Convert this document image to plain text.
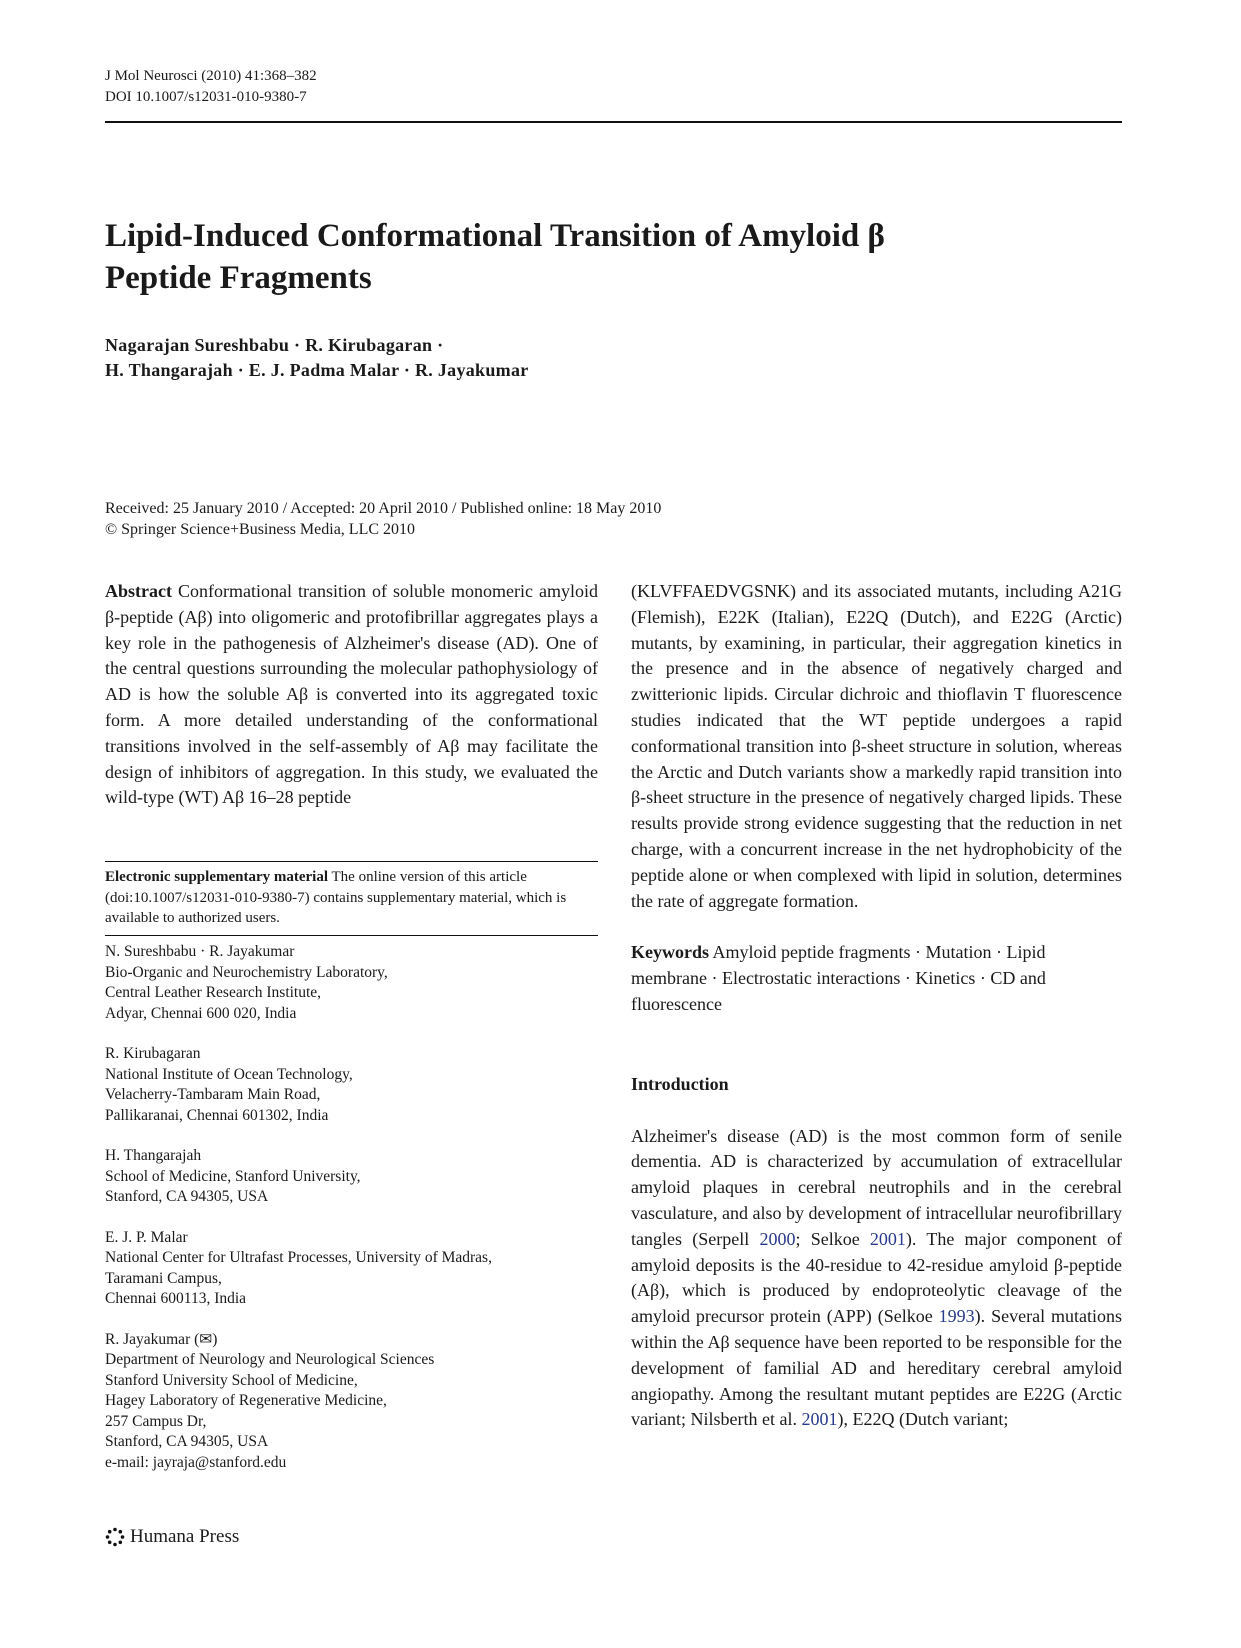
J Mol Neurosci (2010) 41:368–382
DOI 10.1007/s12031-010-9380-7
Lipid-Induced Conformational Transition of Amyloid β
Peptide Fragments
Nagarajan Sureshbabu · R. Kirubagaran ·
H. Thangarajah · E. J. Padma Malar · R. Jayakumar
Received: 25 January 2010 / Accepted: 20 April 2010 / Published online: 18 May 2010
© Springer Science+Business Media, LLC 2010

Abstract Conformational transition of soluble monomeric amyloid β-peptide (Aβ) into oligomeric and protofibrillar aggregates plays a key role in the pathogenesis of Alzheimer's disease (AD). One of the central questions surrounding the molecular pathophysiology of AD is how the soluble Aβ is converted into its aggregated toxic form. A more detailed understanding of the conformational transitions involved in the self-assembly of Aβ may facilitate the design of inhibitors of aggregation. In this study, we evaluated the wild-type (WT) Aβ 16–28 peptide

Electronic supplementary material The online version of this article (doi:10.1007/s12031-010-9380-7) contains supplementary material, which is available to authorized users.
N. Sureshbabu · R. Jayakumar
Bio-Organic and Neurochemistry Laboratory,
Central Leather Research Institute,
Adyar, Chennai 600 020, India
R. Kirubagaran
National Institute of Ocean Technology,
Velacherry-Tambaram Main Road,
Pallikaranai, Chennai 601302, India
H. Thangarajah
School of Medicine, Stanford University,
Stanford, CA 94305, USA
E. J. P. Malar
National Center for Ultrafast Processes, University of Madras,
Taramani Campus,
Chennai 600113, India
R. Jayakumar (✉)
Department of Neurology and Neurological Sciences
Stanford University School of Medicine,
Hagey Laboratory of Regenerative Medicine,
257 Campus Dr,
Stanford, CA 94305, USA
e-mail: jayraja@stanford.edu

(KLVFFAEDVGSNK) and its associated mutants, including A21G (Flemish), E22K (Italian), E22Q (Dutch), and E22G (Arctic) mutants, by examining, in particular, their aggregation kinetics in the presence and in the absence of negatively charged and zwitterionic lipids. Circular dichroic and thioflavin T fluorescence studies indicated that the WT peptide undergoes a rapid conformational transition into β-sheet structure in solution, whereas the Arctic and Dutch variants show a markedly rapid transition into β-sheet structure in the presence of negatively charged lipids. These results provide strong evidence suggesting that the reduction in net charge, with a concurrent increase in the net hydrophobicity of the peptide alone or when complexed with lipid in solution, determines the rate of aggregate formation.

Keywords Amyloid peptide fragments · Mutation · Lipid membrane · Electrostatic interactions · Kinetics · CD and fluorescence

Introduction

Alzheimer's disease (AD) is the most common form of senile dementia. AD is characterized by accumulation of extracellular amyloid plaques in cerebral neutrophils and in the cerebral vasculature, and also by development of intracellular neurofibrillary tangles (Serpell 2000; Selkoe 2001). The major component of amyloid deposits is the 40-residue to 42-residue amyloid β-peptide (Aβ), which is produced by endoproteolytic cleavage of the amyloid precursor protein (APP) (Selkoe 1993). Several mutations within the Aβ sequence have been reported to be responsible for the development of familial AD and hereditary cerebral amyloid angiopathy. Among the resultant mutant peptides are E22G (Arctic variant; Nilsberth et al. 2001), E22Q (Dutch variant;

Humana Press
